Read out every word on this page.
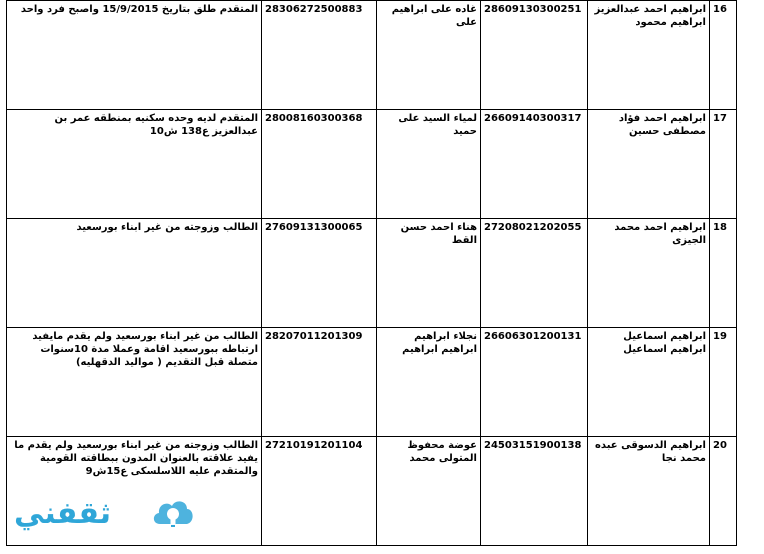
المتقدم طلق بتاريخ 15/9/2015 واصبح فرد واحد	28306272500883	غاده على ابراهيم على	28609130300251	ابراهيم احمد عبدالعزيز ابراهيم محمود	16
المتقدم لديه وحده سكنيه بمنطقه عمر بن عبدالعزيز ع138 ش10	28008160300368	لمياء السيد على حميد	26609140300317	ابراهيم احمد فؤاد مصطفى حسين	17
الطالب وزوجته من غير ابناء بورسعيد	27609131300065	هناء احمد حسن القط	27208021202055	ابراهيم احمد محمد الجيزى	18
الطالب من غير ابناء بورسعيد ولم يقدم مايفيد ارتباطه ببورسعيد اقامة وعملا مدة 10سنوات متصلة قبل التقديم ( مواليد الدقهليه)	28207011201309	نجلاء ابراهيم ابراهيم ابراهيم	26606301200131	ابراهيم اسماعيل ابراهيم اسماعيل	19
الطالب وزوجته من غير ابناء بورسعيد ولم يقدم ما يفيد علاقته بالعنوان المدون ببطاقته القومية والمتقدم عليه اللاسلسكى ع15ش9	27210191201104	عوضة محفوظ المتولى محمد	24503151900138	ابراهيم الدسوقى عبده محمد نجا	20
ثقفني
